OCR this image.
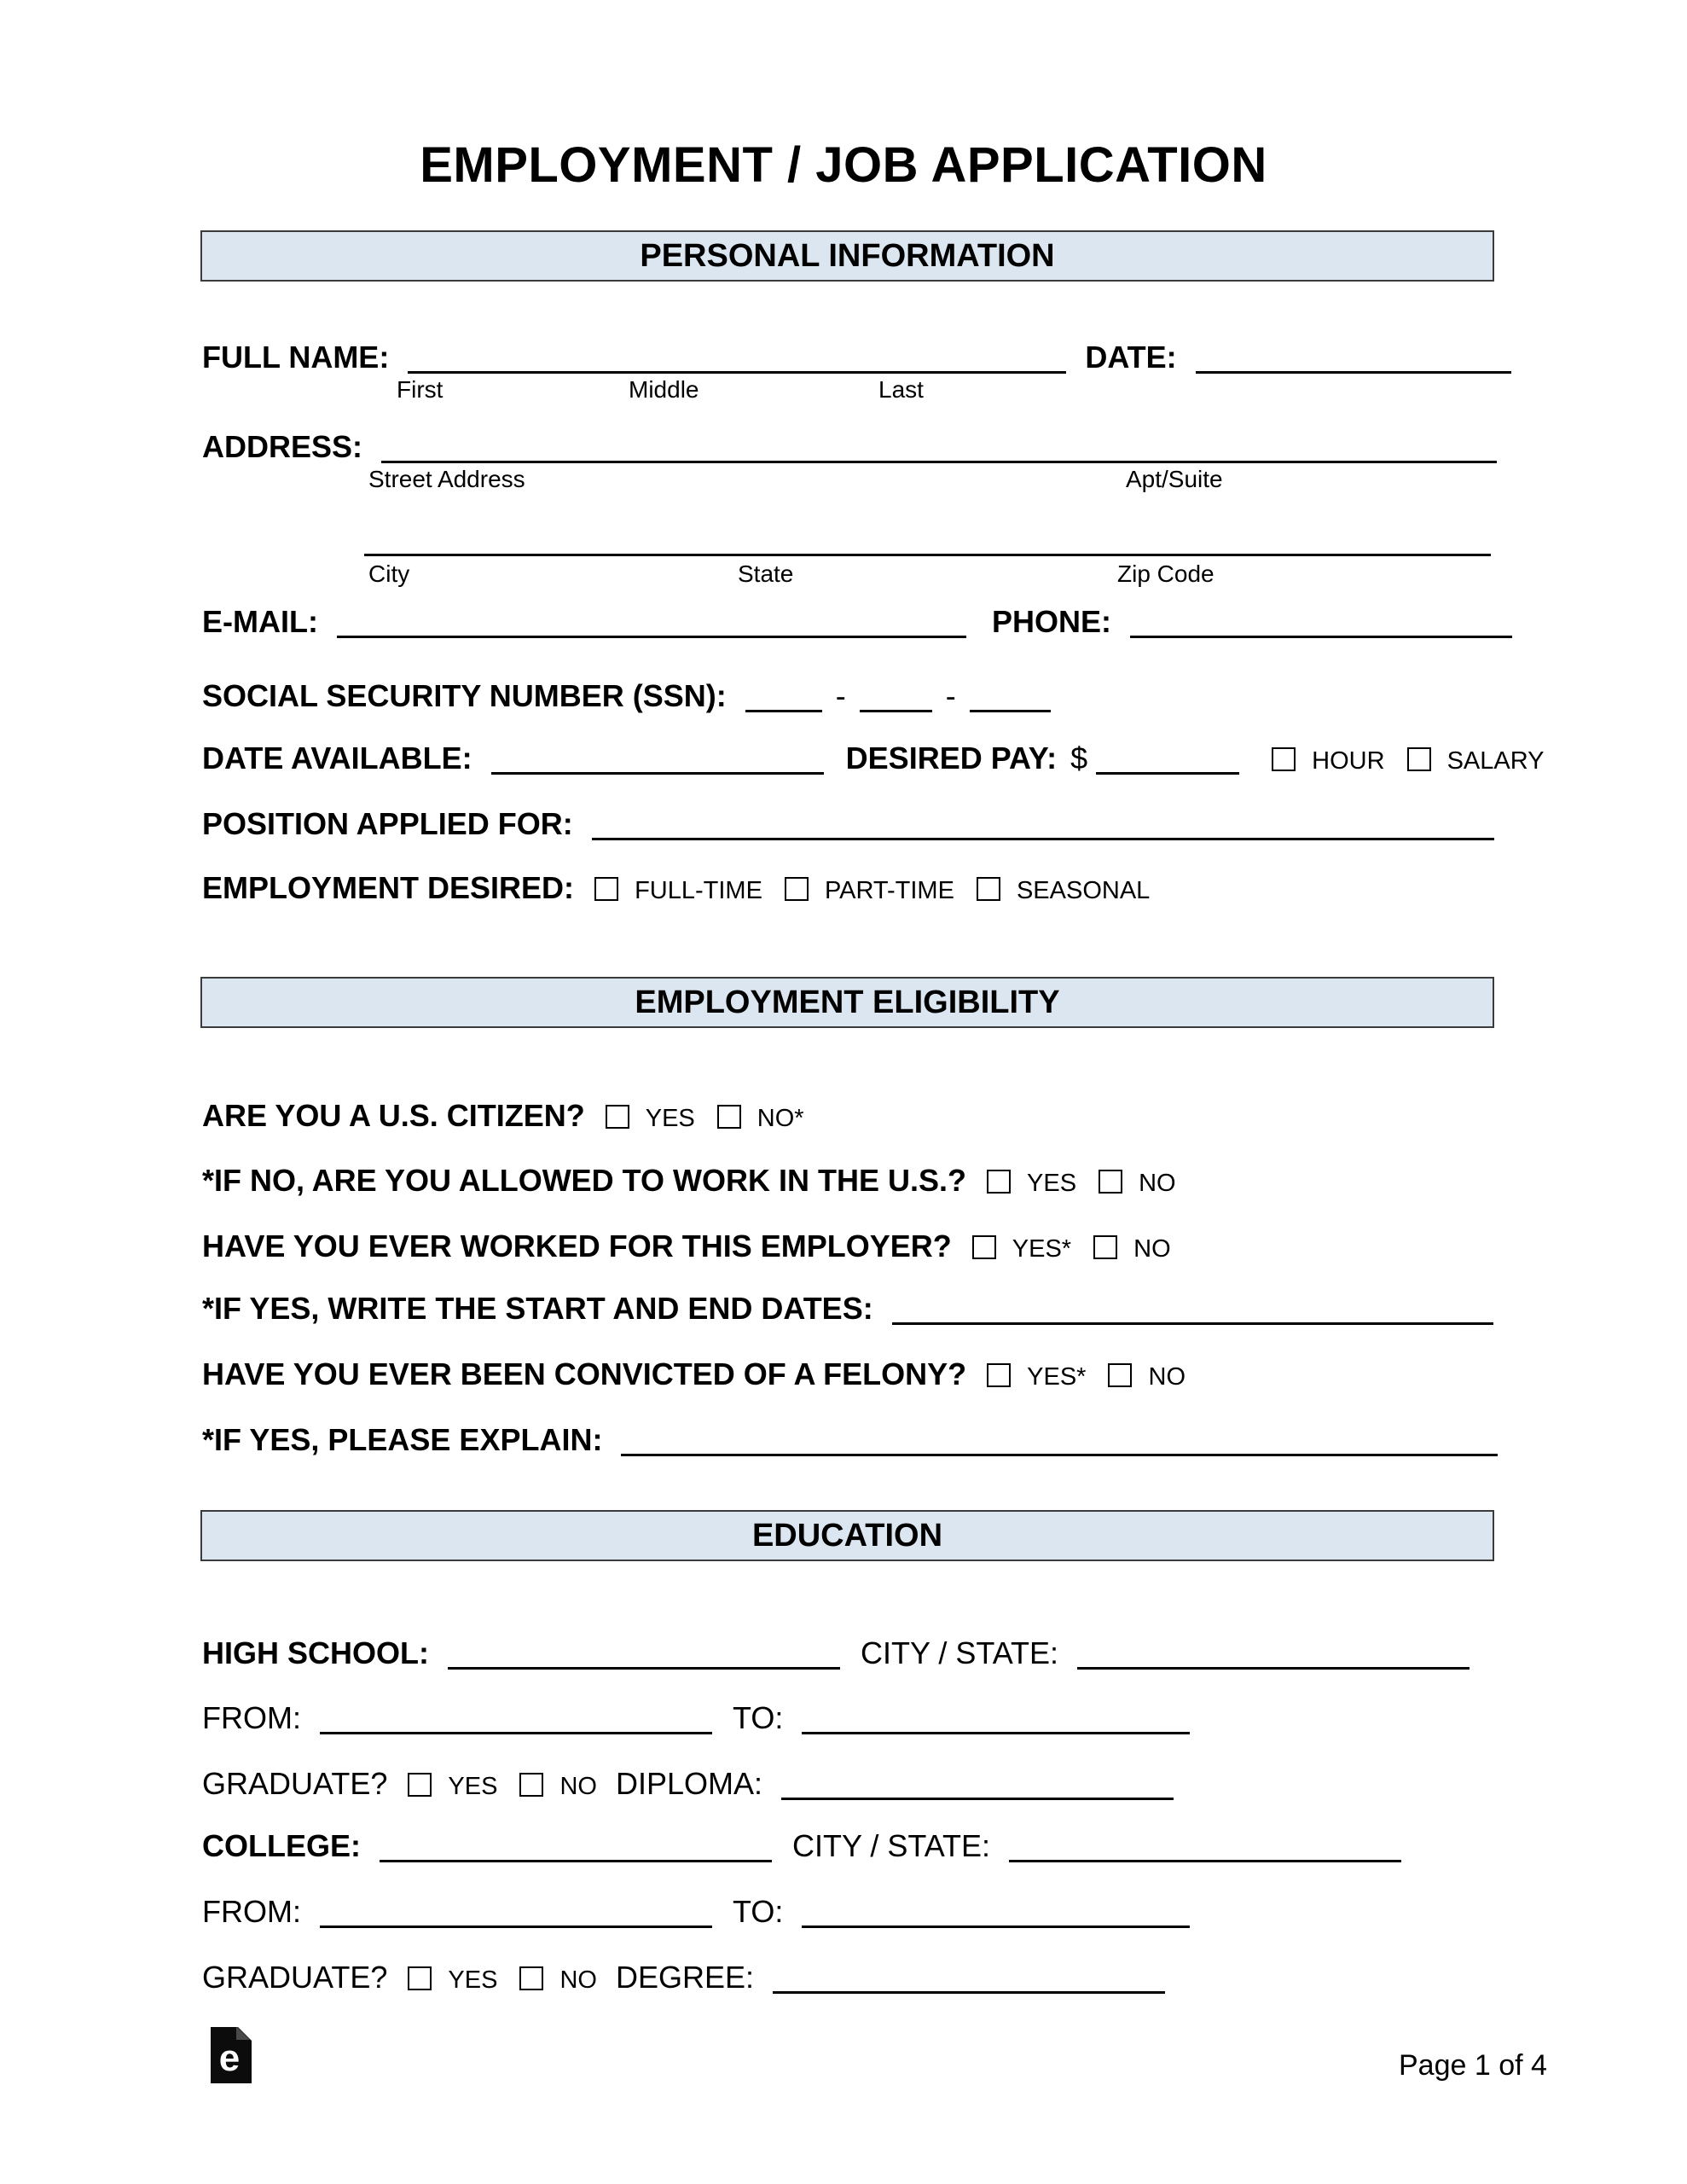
EMPLOYMENT / JOB APPLICATION
PERSONAL INFORMATION
FULL NAME:	DATE:
First	Middle	Last
ADDRESS:
Street Address	Apt/Suite
City	State	Zip Code
E-MAIL:	PHONE:
SOCIAL SECURITY NUMBER (SSN):	-	-
DATE AVAILABLE:	DESIRED PAY: $	HOUR	SALARY
POSITION APPLIED FOR:
EMPLOYMENT DESIRED: FULL-TIME	PART-TIME	SEASONAL
EMPLOYMENT ELIGIBILITY
ARE YOU A U.S. CITIZEN? YES	NO*
*IF NO, ARE YOU ALLOWED TO WORK IN THE U.S.? YES	NO
HAVE YOU EVER WORKED FOR THIS EMPLOYER? YES*	NO
*IF YES, WRITE THE START AND END DATES:
HAVE YOU EVER BEEN CONVICTED OF A FELONY? YES*	NO
*IF YES, PLEASE EXPLAIN:
EDUCATION
HIGH SCHOOL:	CITY / STATE:
FROM:	TO:
GRADUATE? YES	NO DIPLOMA:
COLLEGE:	CITY / STATE:
FROM:	TO:
GRADUATE? YES	NO DEGREE:
e	Page 1 of 4
